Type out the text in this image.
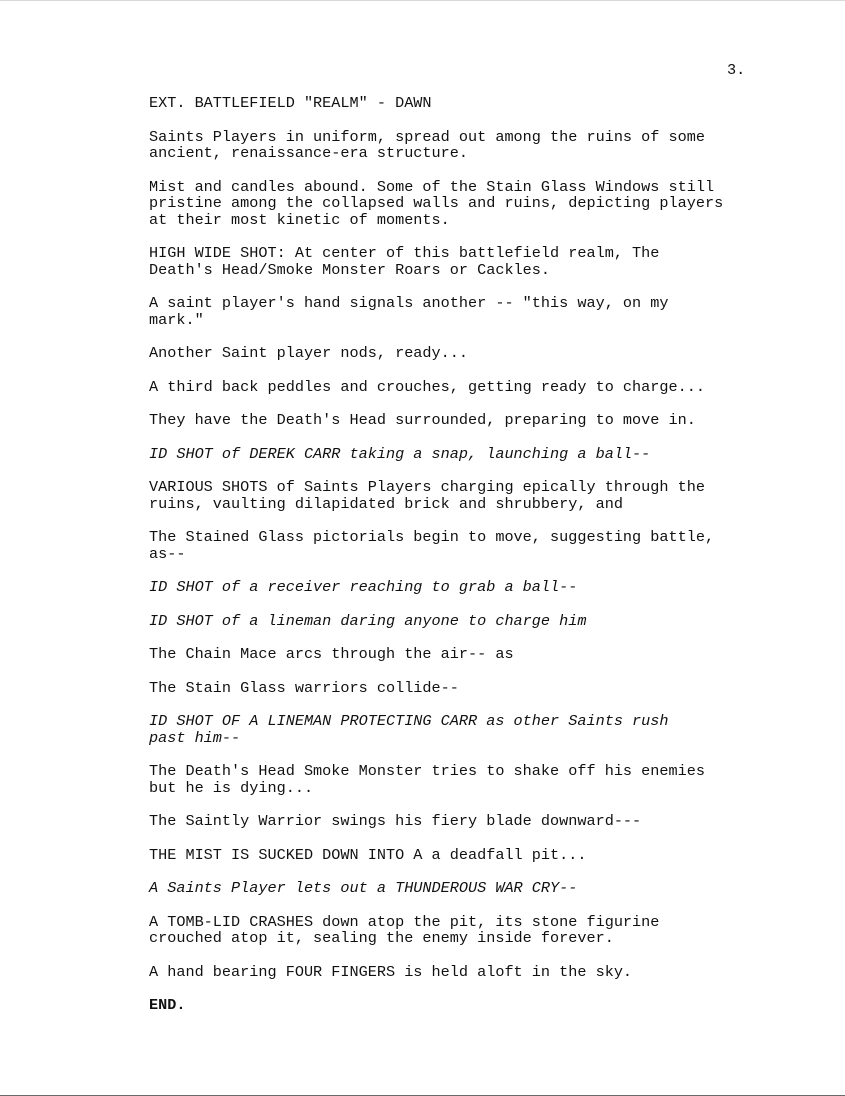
3.

EXT. BATTLEFIELD "REALM" - DAWN

Saints Players in uniform, spread out among the ruins of some
ancient, renaissance-era structure.

Mist and candles abound. Some of the Stain Glass Windows still
pristine among the collapsed walls and ruins, depicting players
at their most kinetic of moments.

HIGH WIDE SHOT: At center of this battlefield realm, The
Death's Head/Smoke Monster Roars or Cackles.

A saint player's hand signals another -- "this way, on my
mark."

Another Saint player nods, ready...

A third back peddles and crouches, getting ready to charge...

They have the Death's Head surrounded, preparing to move in.

ID SHOT of DEREK CARR taking a snap, launching a ball--

VARIOUS SHOTS of Saints Players charging epically through the
ruins, vaulting dilapidated brick and shrubbery, and

The Stained Glass pictorials begin to move, suggesting battle,
as--

ID SHOT of a receiver reaching to grab a ball--

ID SHOT of a lineman daring anyone to charge him

The Chain Mace arcs through the air-- as

The Stain Glass warriors collide--

ID SHOT OF A LINEMAN PROTECTING CARR as other Saints rush
past him--

The Death's Head Smoke Monster tries to shake off his enemies
but he is dying...

The Saintly Warrior swings his fiery blade downward---

THE MIST IS SUCKED DOWN INTO A a deadfall pit...

A Saints Player lets out a THUNDEROUS WAR CRY--

A TOMB-LID CRASHES down atop the pit, its stone figurine
crouched atop it, sealing the enemy inside forever.

A hand bearing FOUR FINGERS is held aloft in the sky.

END.
